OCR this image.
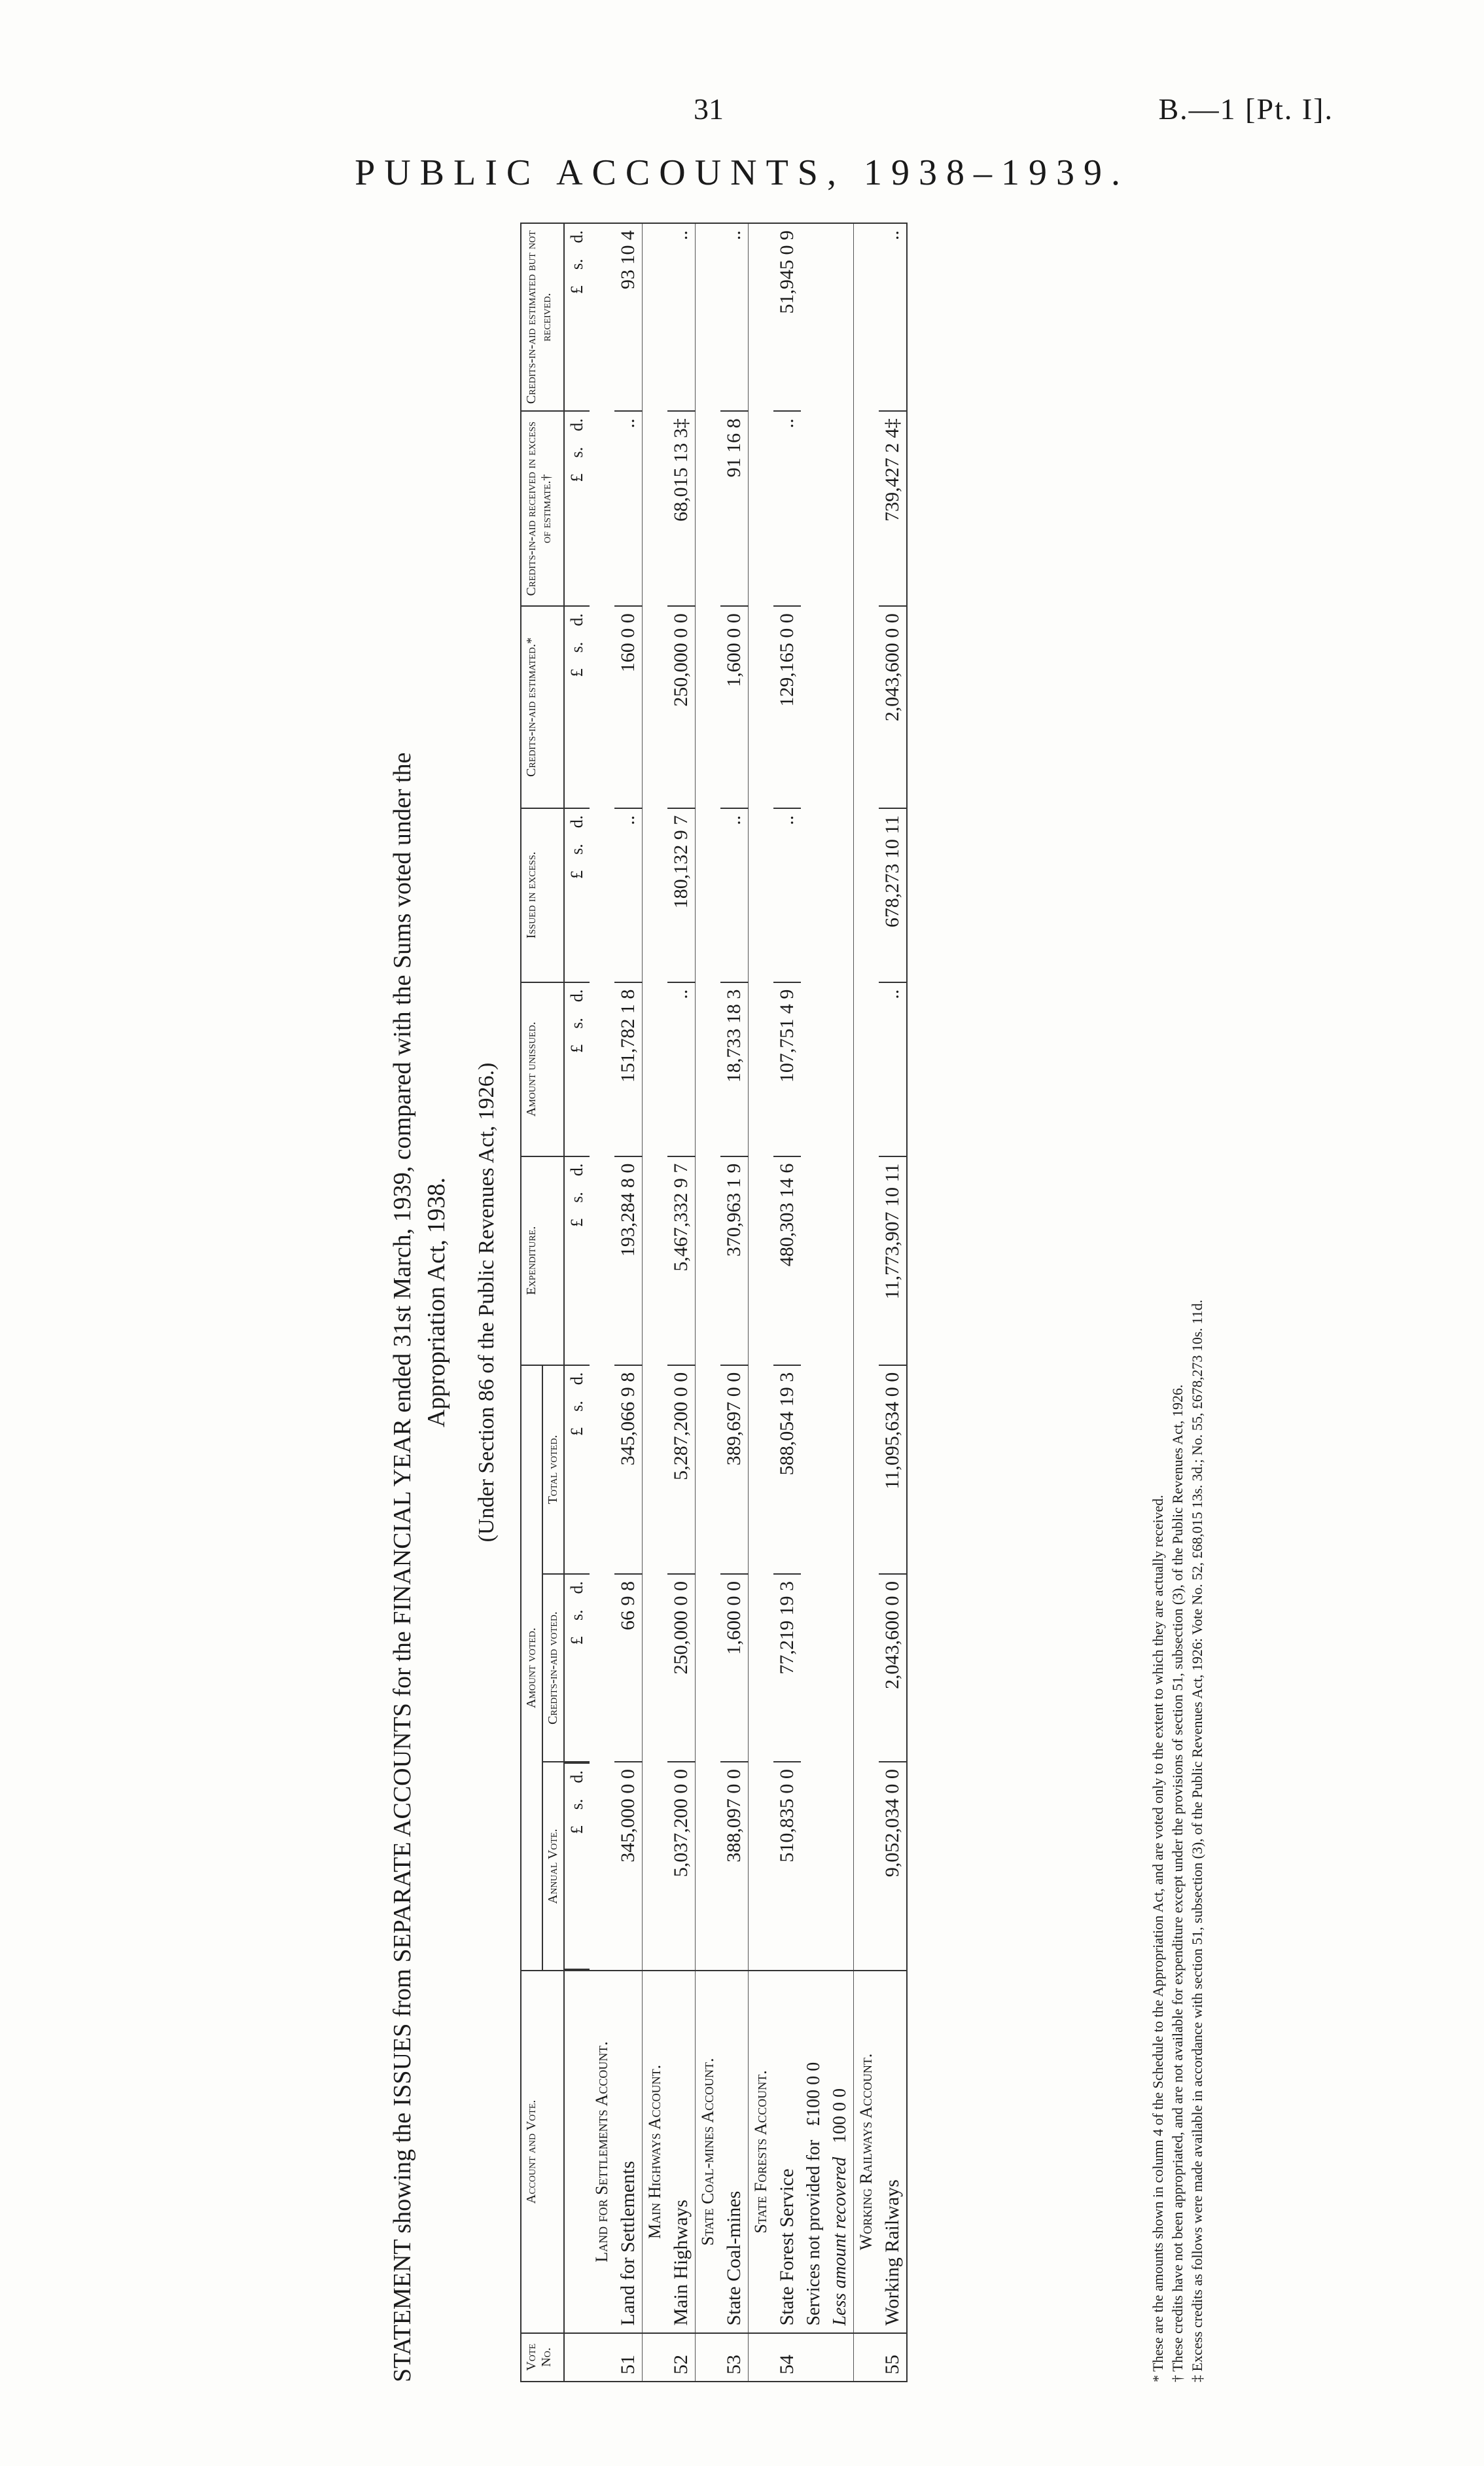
31	B.—1 [Pt. I].
PUBLIC ACCOUNTS, 1938–1939.
STATEMENT showing the ISSUES from SEPARATE ACCOUNTS for the FINANCIAL YEAR ended 31st March, 1939, compared with the Sums voted under the Appropriation Act, 1938. (Under Section 86 of the Public Revenues Act, 1926.)
Vote No.	Account and Vote.	Amount voted.			Expenditure.	Amount unissued.	Issued in excess.	Credits-in-aid estimated.*	Credits-in-aid received in excess of estimate.†	Credits-in-aid estimated but not received.
		Annual Vote.	Credits-in-aid voted.	Total voted.						

£
s.
d.
£
s.
d.	£
s.
d.	£
s.
d.	£
s.
d.	£
s.
d.	£
s.
d.	£
s.
d.	£
s.
d.

	Land for Settlements Account.									
51	Land for Settlements	345,000 0 0	66 9 8	345,066 9 8	193,284 8 0	151,782 1 8	..	160 0 0	..	93 10 4
	Main Highways Account.									
52	Main Highways	5,037,200 0 0	250,000 0 0	5,287,200 0 0	5,467,332 9 7	..	180,132 9 7	250,000 0 0	68,015 13 3‡	..
	State Coal-mines Account.									
53	State Coal-mines	388,097 0 0	1,600 0 0	389,697 0 0	370,963 1 9	18,733 18 3	..	1,600 0 0	91 16 8	..
	State Forests Account.									
54	State Forest Service	510,835 0 0	77,219 19 3	588,054 19 3	480,303 14 6	107,751 4 9	..	129,165 0 0	..	51,945 0 9
	Services not provided for   £100 0 0									
	Less amount recovered   100 0 0									
	Working Railways Account.									
55	Working Railways	9,052,034 0 0	2,043,600 0 0	11,095,634 0 0	11,773,907 10 11	..	678,273 10 11	2,043,600 0 0	739,427 2 4‡	..
* These are the amounts shown in column 4 of the Schedule to the Appropriation Act, and are voted only to the extent to which they are actually received. † These credits have not been appropriated, and are not available for expenditure except under the provisions of section 51, subsection (3), of the Public Revenues Act, 1926. ‡ Excess credits as follows were made available in accordance with section 51, subsection (3), of the Public Revenues Act, 1926: Vote No. 52, £68,015 13s. 3d.; No. 55, £678,273 10s. 11d.
